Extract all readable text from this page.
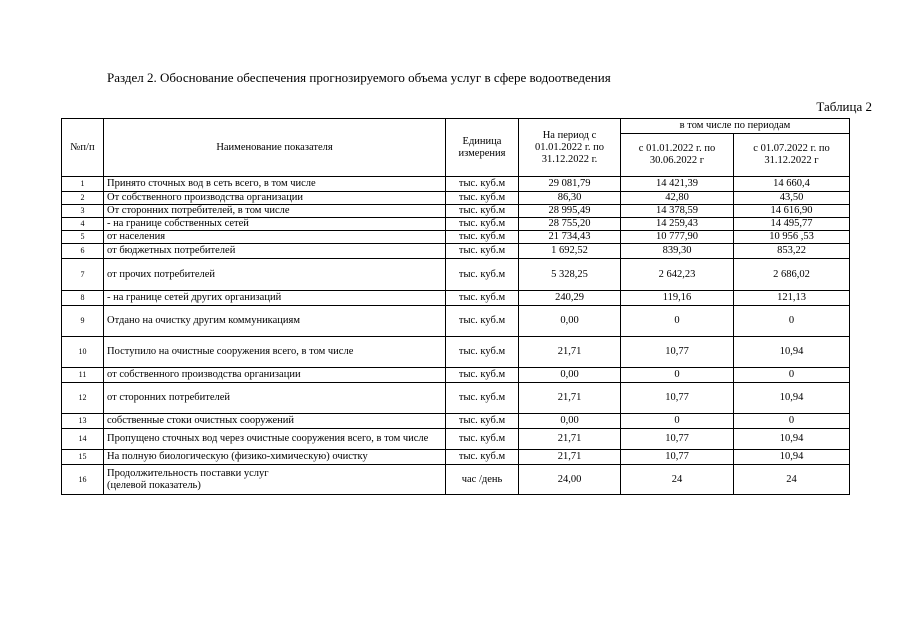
Раздел 2. Обоснование обеспечения прогнозируемого объема услуг в сфере водоотведения
Таблица 2
№п/п	Наименование показателя	Единица измерения	На период с 01.01.2022 г. по 31.12.2022 г.	в том числе по периодам	
				с 01.01.2022 г. по 30.06.2022 г	с 01.07.2022 г. по 31.12.2022 г
1	Принято сточных вод в сеть всего, в том числе	тыс. куб.м	29 081,79	14 421,39	14 660,4
2	От собственного производства организации	тыс. куб.м	86,30	42,80	43,50
3	От сторонних потребителей, в том числе	тыс. куб.м	28 995,49	14 378,59	14 616,90
4	- на границе собственных сетей	тыс. куб.м	28 755,20	14 259,43	14 495,77
5	от населения	тыс. куб.м	21 734,43	10 777,90	10 956 ,53
6	от бюджетных потребителей	тыс. куб.м	1 692,52	839,30	853,22
7	от прочих потребителей	тыс. куб.м	5 328,25	2 642,23	2 686,02
8	- на границе сетей других организаций	тыс. куб.м	240,29	119,16	121,13
9	Отдано на очистку другим коммуникациям	тыс. куб.м	0,00	0	0
10	Поступило на очистные сооружения всего, в том числе	тыс. куб.м	21,71	10,77	10,94
11	от собственного производства организации	тыс. куб.м	0,00	0	0
12	от сторонних потребителей	тыс. куб.м	21,71	10,77	10,94
13	собственные стоки очистных сооружений	тыс. куб.м	0,00	0	0
14	Пропущено сточных вод через очистные сооружения всего, в том числе	тыс. куб.м	21,71	10,77	10,94
15	На полную биологическую (физико-химическую) очистку	тыс. куб.м	21,71	10,77	10,94
16	Продолжительность поставки услуг
(целевой показатель)	час /день	24,00	24	24
